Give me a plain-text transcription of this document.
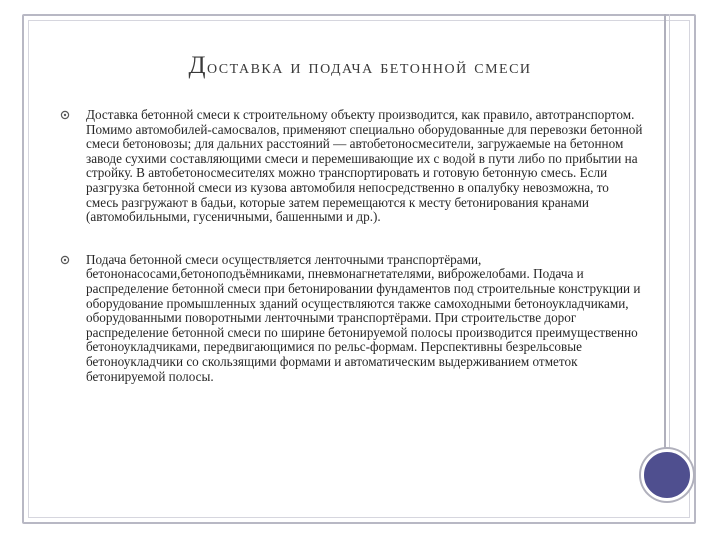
Доставка и подача бетонной смеси
Доставка бетонной смеси к строительному объекту производится, как правило, автотранспортом. Помимо автомобилей-самосвалов, применяют специально оборудованные для перевозки бетонной смеси бетоновозы; для дальних расстояний — автобетоносмесители, загружаемые на бетонном заводе сухими составляющими смеси и перемешивающие их с водой в пути либо по прибытии на стройку. В автобетоносмесителях можно транспортировать и готовую бетонную смесь. Если разгрузка бетонной смеси из кузова автомобиля непосредственно в опалубку невозможна, то смесь разгружают в бадьи, которые затем перемещаются к месту бетонирования кранами (автомобильными, гусеничными, башенными и др.).
Подача бетонной смеси осуществляется ленточными транспортёрами, бетононасосами,бетоноподъёмниками, пневмонагнетателями, виброжелобами. Подача и распределение бетонной смеси при бетонировании фундаментов под строительные конструкции и оборудование промышленных зданий осуществляются также самоходными бетоноукладчиками, оборудованными поворотными ленточными транспортёрами. При строительстве дорог распределение бетонной смеси по ширине бетонируемой полосы производится преимущественно бетоноукладчиками, передвигающимися по рельс-формам. Перспективны безрельсовые бетоноукладчики со скользящими формами и автоматическим выдерживанием отметок бетонируемой полосы.
